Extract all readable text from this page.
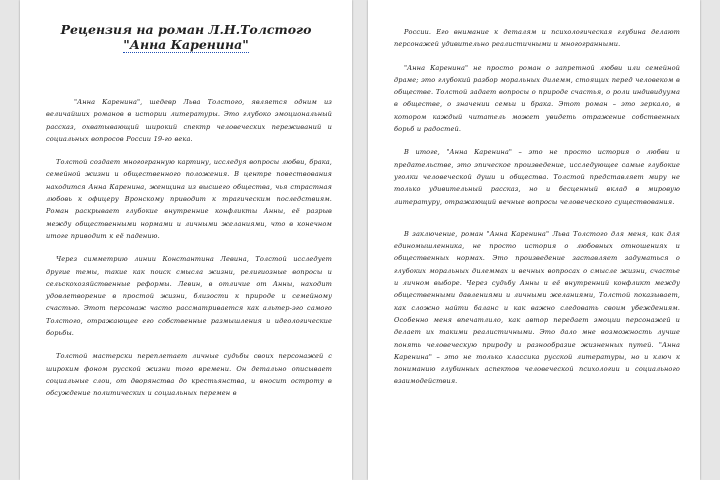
Рецензия на роман Л.Н.Толстого
"Анна Каренина"

"Анна Каренина", шедевр Льва Толстого, является одним из величайших романов в истории литературы. Это глубоко эмоциональный рассказ, охватывающий широкий спектр человеческих переживаний и социальных вопросов России 19-го века.

Толстой создает многогранную картину, исследуя вопросы любви, брака, семейной жизни и общественного положения. В центре повествования находится Анна Каренина, женщина из высшего общества, чья страстная любовь к офицеру Вронскому приводит к трагическим последствиям. Роман раскрывает глубокие внутренние конфликты Анны, её разрыв между общественными нормами и личными желаниями, что в конечном итоге приводит к её падению.

Через симметрию линии Константина Левина, Толстой исследует другие темы, такие как поиск смысла жизни, религиозные вопросы и сельскохозяйственные реформы. Левин, в отличие от Анны, находит удовлетворение в простой жизни, близости к природе и семейному счастью. Этот персонаж часто рассматривается как альтер-эго самого Толстого, отражающее его собственные размышления и идеологические борьбы.

Толстой мастерски переплетает личные судьбы своих персонажей с широким фоном русской жизни того времени. Он детально описывает социальные слои, от дворянства до крестьянства, и вносит остроту в обсуждение политических и социальных перемен в

России. Его внимание к деталям и психологическая глубина делают персонажей удивительно реалистичными и многогранными.

"Анна Каренина" не просто роман о запретной любви или семейной драме; это глубокий разбор моральных дилемм, стоящих перед человеком в обществе. Толстой задает вопросы о природе счастья, о роли индивидуума в обществе, о значении семьи и брака. Этот роман – это зеркало, в котором каждый читатель может увидеть отражение собственных борьб и радостей.

В итоге, "Анна Каренина" – это не просто история о любви и предательстве, это эпическое произведение, исследующее самые глубокие уголки человеческой души и общества. Толстой представляет миру не только удивительный рассказ, но и бесценный вклад в мировую литературу, отражающий вечные вопросы человеческого существования.

В заключение, роман "Анна Каренина" Льва Толстого для меня, как для единомышленника, не просто история о любовных отношениях и общественных нормах. Это произведение заставляет задуматься о глубоких моральных дилеммах и вечных вопросах о смысле жизни, счастье и личном выборе. Через судьбу Анны и её внутренний конфликт между общественными давлениями и личными желаниями, Толстой показывает, как сложно найти баланс и как важно следовать своим убеждениям. Особенно меня впечатлило, как автор передает эмоции персонажей и делает их такими реалистичными. Это дало мне возможность лучше понять человеческую природу и разнообразие жизненных путей. "Анна Каренина" – это не только классика русской литературы, но и ключ к пониманию глубинных аспектов человеческой психологии и социального взаимодействия.
